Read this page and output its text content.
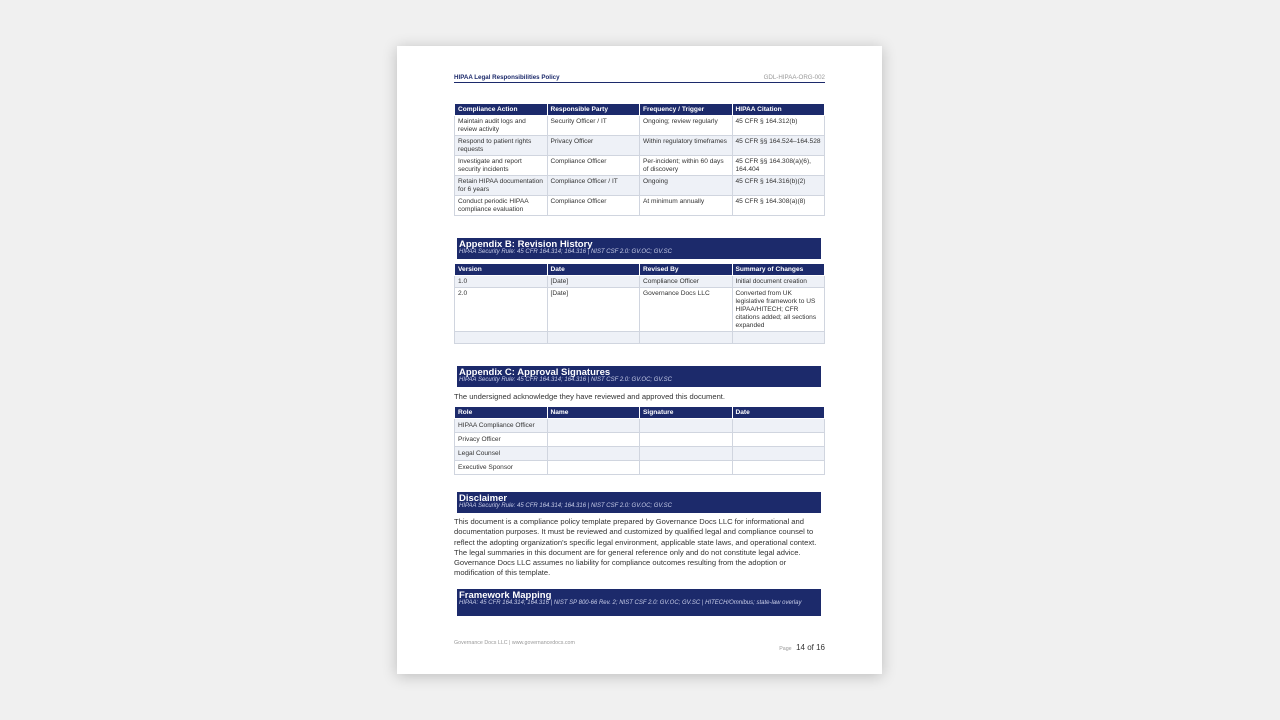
HIPAA Legal Responsibilities Policy	GDL-HIPAA-ORG-002
Compliance Action	Responsible Party	Frequency / Trigger	HIPAA Citation
Maintain audit logs and review activity	Security Officer / IT	Ongoing; review regularly	45 CFR § 164.312(b)
Respond to patient rights requests	Privacy Officer	Within regulatory timeframes	45 CFR §§ 164.524–164.528
Investigate and report security incidents	Compliance Officer	Per-incident; within 60 days of discovery	45 CFR §§ 164.308(a)(6), 164.404
Retain HIPAA documentation for 6 years	Compliance Officer / IT	Ongoing	45 CFR § 164.316(b)(2)
Conduct periodic HIPAA compliance evaluation	Compliance Officer	At minimum annually	45 CFR § 164.308(a)(8)
Appendix B: Revision History
HIPAA Security Rule: 45 CFR 164.314; 164.316 | NIST CSF 2.0: GV.OC; GV.SC
Version	Date	Revised By	Summary of Changes
1.0	[Date]	Compliance Officer	Initial document creation
2.0	[Date]	Governance Docs LLC	Converted from UK legislative framework to US HIPAA/HITECH; CFR citations added; all sections expanded

Appendix C: Approval Signatures
HIPAA Security Rule: 45 CFR 164.314; 164.316 | NIST CSF 2.0: GV.OC; GV.SC
The undersigned acknowledge they have reviewed and approved this document.
Role	Name	Signature	Date
HIPAA Compliance Officer			
Privacy Officer			
Legal Counsel			
Executive Sponsor			
Disclaimer
HIPAA Security Rule: 45 CFR 164.314; 164.316 | NIST CSF 2.0: GV.OC; GV.SC
This document is a compliance policy template prepared by Governance Docs LLC for informational and documentation purposes. It must be reviewed and customized by qualified legal and compliance counsel to reflect the adopting organization's specific legal environment, applicable state laws, and operational context. The legal summaries in this document are for general reference only and do not constitute legal advice. Governance Docs LLC assumes no liability for compliance outcomes resulting from the adoption or modification of this template.
Framework Mapping
HIPAA: 45 CFR 164.314; 164.316 | NIST SP 800-66 Rev. 2; NIST CSF 2.0: GV.OC; GV.SC | HITECH/Omnibus; state-law overlay
Governance Docs LLC | www.governancedocs.com
Page 14 of 16
